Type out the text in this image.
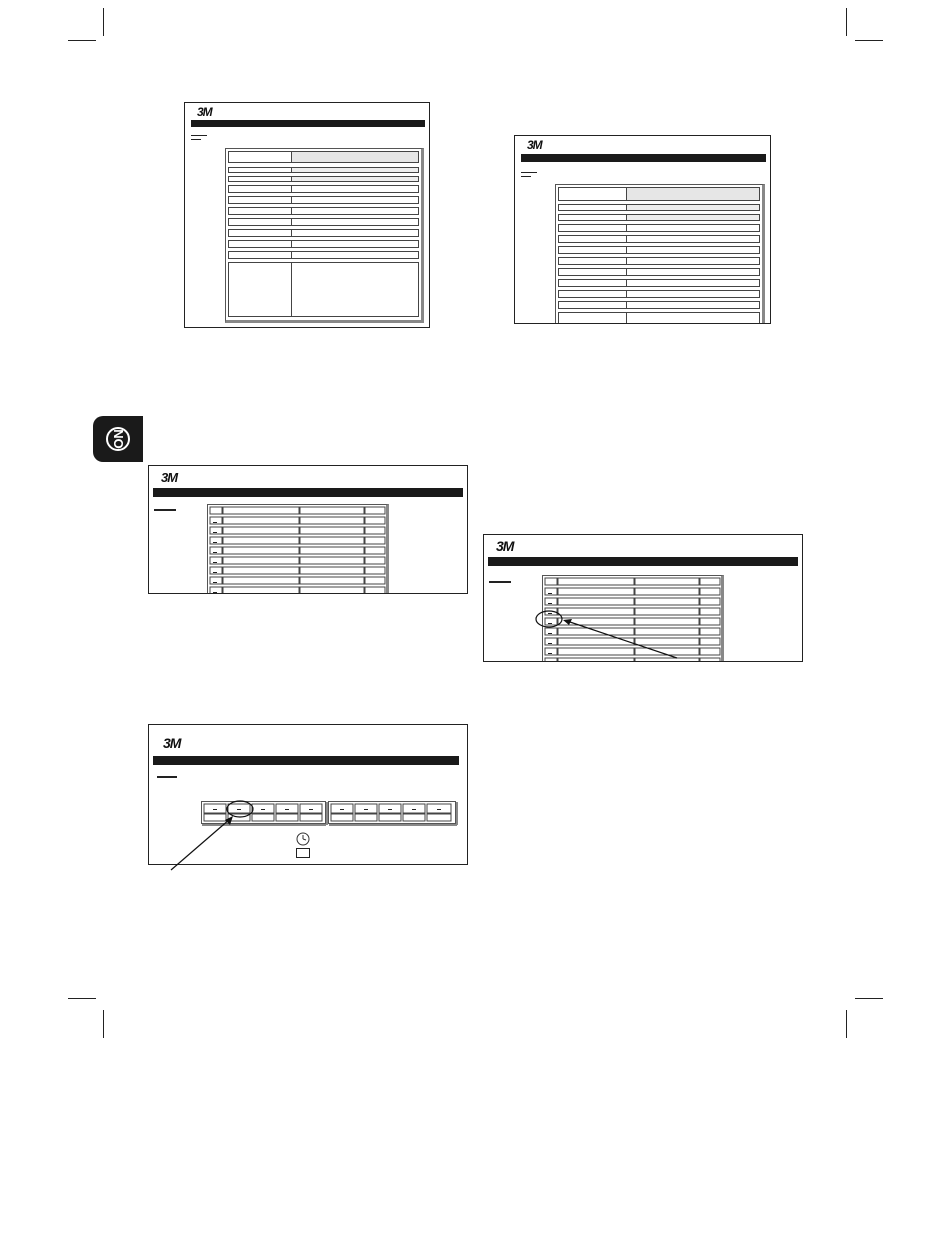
NO
3M
3M
3M
3M
3M
